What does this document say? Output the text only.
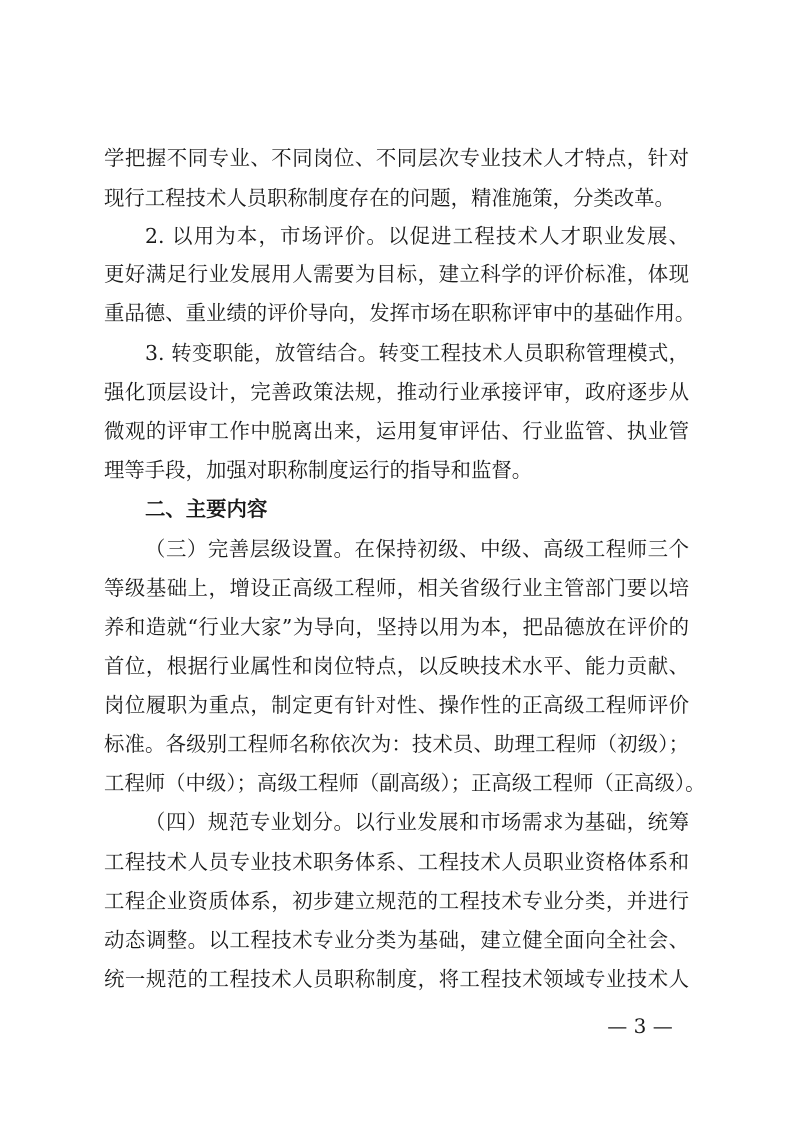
学把握不同专业、不同岗位、不同层次专业技术人才特点，针对
现行工程技术人员职称制度存在的问题，精准施策，分类改革。
2. 以用为本，市场评价。以促进工程技术人才职业发展、
更好满足行业发展用人需要为目标，建立科学的评价标准，体现
重品德、重业绩的评价导向，发挥市场在职称评审中的基础作用。
3. 转变职能，放管结合。转变工程技术人员职称管理模式，
强化顶层设计，完善政策法规，推动行业承接评审，政府逐步从
微观的评审工作中脱离出来，运用复审评估、行业监管、执业管
理等手段，加强对职称制度运行的指导和监督。
二、主要内容
（三）完善层级设置。在保持初级、中级、高级工程师三个
等级基础上，增设正高级工程师，相关省级行业主管部门要以培
养和造就“行业大家”为导向，坚持以用为本，把品德放在评价的
首位，根据行业属性和岗位特点，以反映技术水平、能力贡献、
岗位履职为重点，制定更有针对性、操作性的正高级工程师评价
标准。各级别工程师名称依次为：技术员、助理工程师（初级）；
工程师（中级）；高级工程师（副高级）；正高级工程师（正高级）。
（四）规范专业划分。以行业发展和市场需求为基础，统筹
工程技术人员专业技术职务体系、工程技术人员职业资格体系和
工程企业资质体系，初步建立规范的工程技术专业分类，并进行
动态调整。以工程技术专业分类为基础，建立健全面向全社会、
统一规范的工程技术人员职称制度，将工程技术领域专业技术人
— 3 —
